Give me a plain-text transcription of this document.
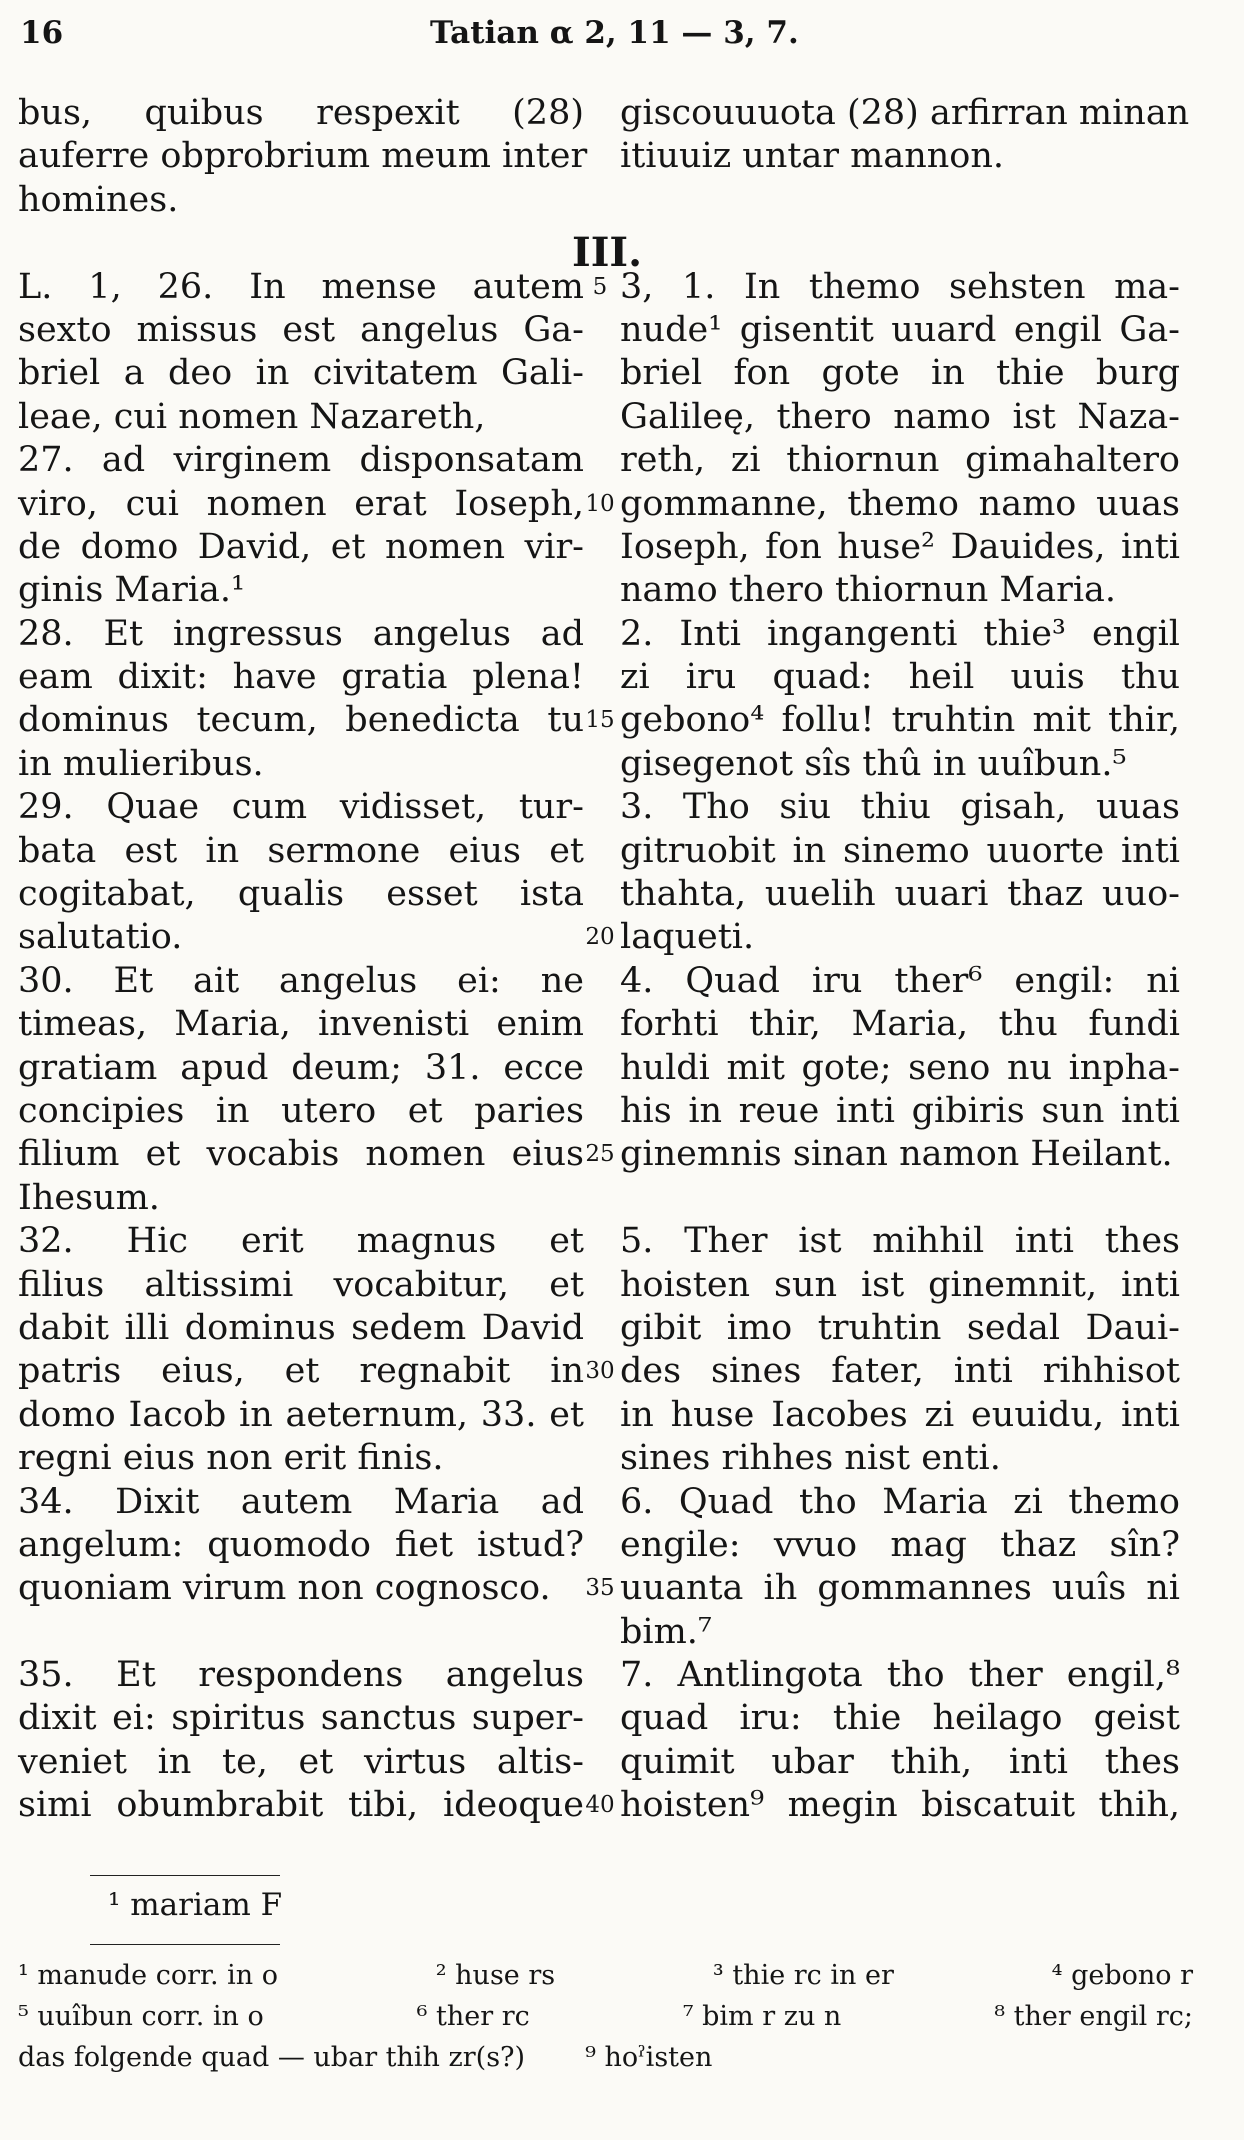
16	Tatian α 2, 11 — 3, 7.
III.
bus, quibus respexit (28)
auferre obprobrium meum inter
homines.
L. 1, 26. In mense autem
sexto missus est angelus Ga-
briel a deo in civitatem Gali-
leae, cui nomen Nazareth,
27. ad virginem disponsatam
viro, cui nomen erat Ioseph,
de domo David, et nomen vir-
ginis Maria.¹
28. Et ingressus angelus ad
eam dixit: have gratia plena!
dominus tecum, benedicta tu
in mulieribus.
29. Quae cum vidisset, tur-
bata est in sermone eius et
cogitabat, qualis esset ista
salutatio.
30. Et ait angelus ei: ne
timeas, Maria, invenisti enim
gratiam apud deum; 31. ecce
concipies in utero et paries
filium et vocabis nomen eius
Ihesum.
32. Hic erit magnus et
filius altissimi vocabitur, et
dabit illi dominus sedem David
patris eius, et regnabit in
domo Iacob in aeternum, 33. et
regni eius non erit finis.
34. Dixit autem Maria ad
angelum: quomodo fiet istud?
quoniam virum non cognosco.
35. Et respondens angelus
dixit ei: spiritus sanctus super-
veniet in te, et virtus altis-
simi obumbrabit tibi, ideoque
5
10
15
20
25
30
35
40
giscouuuota (28) arfirran minan
itiuuiz untar mannon.
3, 1. In themo sehsten ma-
nude¹ gisentit uuard engil Ga-
briel fon gote in thie burg
Galileę, thero namo ist Naza-
reth, zi thiornun gimahaltero
gommanne, themo namo uuas
Ioseph, fon huse² Dauides, inti
namo thero thiornun Maria.
2. Inti ingangenti thie³ engil
zi iru quad: heil uuis thu
gebono⁴ follu! truhtin mit thir,
gisegenot sîs thû in uuîbun.⁵
3. Tho siu thiu gisah, uuas
gitruobit in sinemo uuorte inti
thahta, uuelih uuari thaz uuo-
laqueti.
4. Quad iru ther⁶ engil: ni
forhti thir, Maria, thu fundi
huldi mit gote; seno nu inpha-
his in reue inti gibiris sun inti
ginemnis sinan namon Heilant.
5. Ther ist mihhil inti thes
hoisten sun ist ginemnit, inti
gibit imo truhtin sedal Daui-
des sines fater, inti rihhisot
in huse Iacobes zi euuidu, inti
sines rihhes nist enti.
6. Quad tho Maria zi themo
engile: vvuo mag thaz sîn?
uuanta ih gommannes uuîs ni
bim.⁷
7. Antlingota tho ther engil,⁸
quad iru: thie heilago geist
quimit ubar thih, inti thes
hoisten⁹ megin biscatuit thih,
¹ mariam F
¹ manude corr. in o	² huse rs	³ thie rc in er	⁴ gebono r
⁵ uuîbun corr. in o	⁶ ther rc	⁷ bim r zu n	⁸ ther engil rc;
das folgende quad — ubar thih zr(s?) ⁹ hoˀisten
